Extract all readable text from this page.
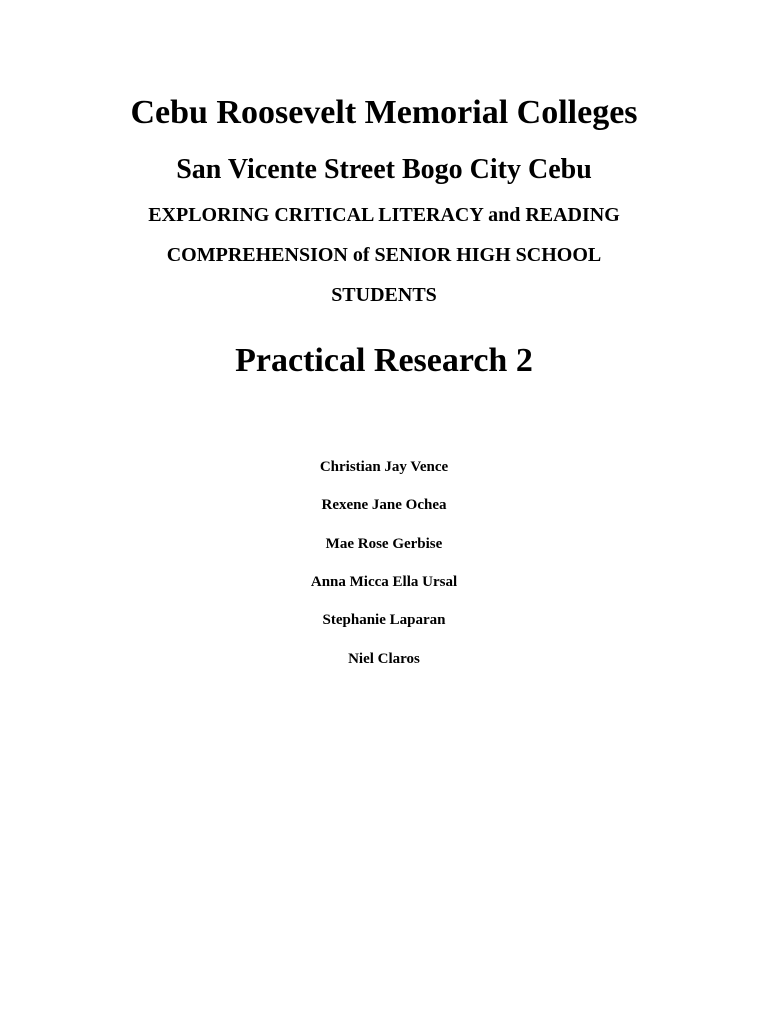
Cebu Roosevelt Memorial Colleges
San Vicente Street Bogo City Cebu
EXPLORING CRITICAL LITERACY and READING
COMPREHENSION of SENIOR HIGH SCHOOL
STUDENTS
Practical Research 2
Christian Jay Vence
Rexene Jane Ochea
Mae Rose Gerbise
Anna Micca Ella Ursal
Stephanie Laparan
Niel Claros
